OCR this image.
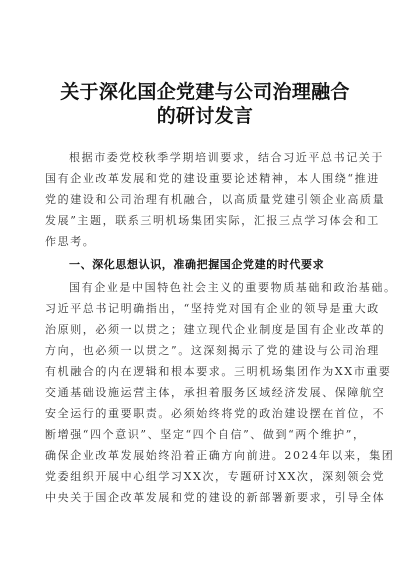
关于深化国企党建与公司治理融合
的研讨发言
根据市委党校秋季学期培训要求，结合习近平总书记关于
国有企业改革发展和党的建设重要论述精神，本人围绕“推进
党的建设和公司治理有机融合，以高质量党建引领企业高质量
发展”主题，联系三明机场集团实际，汇报三点学习体会和工
作思考。
一、深化思想认识，准确把握国企党建的时代要求
国有企业是中国特色社会主义的重要物质基础和政治基础。
习近平总书记明确指出，“坚持党对国有企业的领导是重大政
治原则，必须一以贯之；建立现代企业制度是国有企业改革的
方向，也必须一以贯之”。这深刻揭示了党的建设与公司治理
有机融合的内在逻辑和根本要求。三明机场集团作为XX市重要
交通基础设施运营主体，承担着服务区域经济发展、保障航空
安全运行的重要职责。必须始终将党的政治建设摆在首位，不
断增强“四个意识”、坚定“四个自信”、做到“两个维护”，
确保企业改革发展始终沿着正确方向前进。2024年以来，集团
党委组织开展中心组学习XX次，专题研讨XX次，深刻领会党
中央关于国企改革发展和党的建设的新部署新要求，引导全体
